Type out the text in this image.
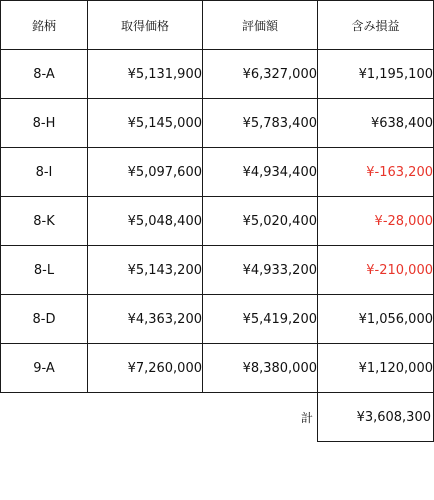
銘柄	取得価格	評価額	含み損益
8-A	¥5,131,900	¥6,327,000	¥1,195,100
8-H	¥5,145,000	¥5,783,400	¥638,400
8-I	¥5,097,600	¥4,934,400	¥-163,200
8-K	¥5,048,400	¥5,020,400	¥-28,000
8-L	¥5,143,200	¥4,933,200	¥-210,000
8-D	¥4,363,200	¥5,419,200	¥1,056,000
9-A	¥7,260,000	¥8,380,000	¥1,120,000
		計	¥3,608,300
